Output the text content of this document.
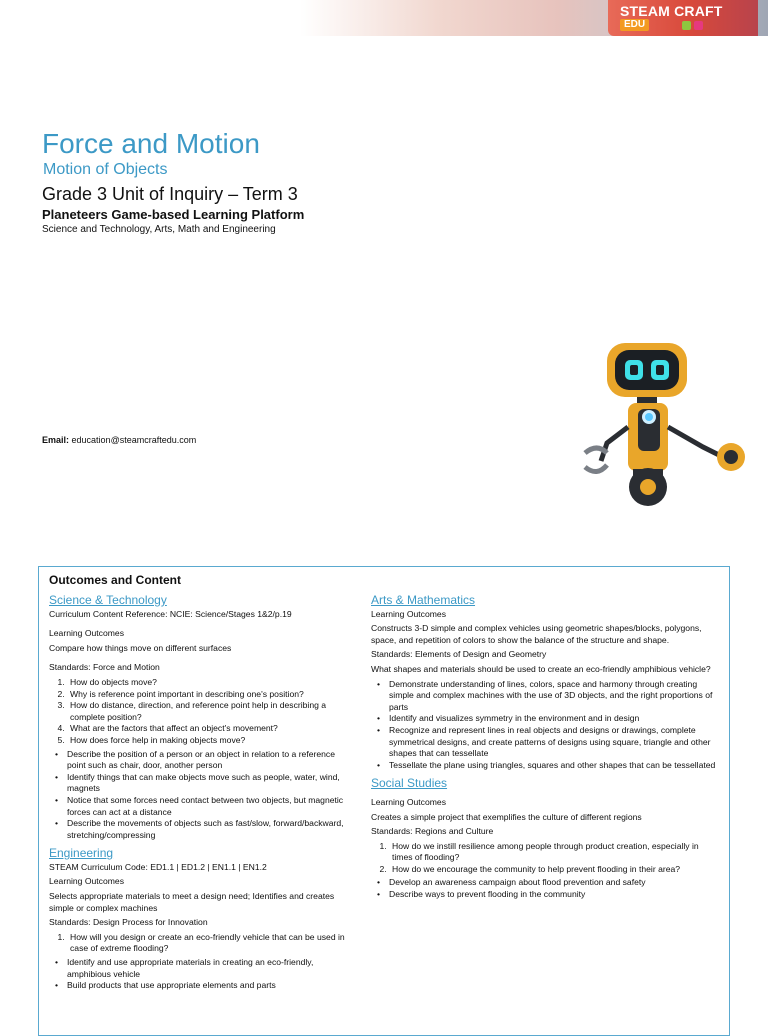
STEAM CRAFT
EDU
Force and Motion
Motion of Objects
Grade 3 Unit of Inquiry – Term 3
Planeteers Game-based Learning Platform
Science and Technology, Arts, Math and Engineering
Email: education@steamcraftedu.com
Outcomes and Content
Science & Technology
Curriculum Content Reference: NCIE: Science/Stages 1&2/p.19
Learning Outcomes
Compare how things move on different surfaces
Standards: Force and Motion
1. How do objects move?
2. Why is reference point important in describing one's position?
3. How do distance, direction, and reference point help in describing a complete position?
4. What are the factors that affect an object's movement?
5. How does force help in making objects move?
• Describe the position of a person or an object in relation to a reference point such as chair, door, another person
• Identify things that can make objects move such as people, water, wind, magnets
• Notice that some forces need contact between two objects, but magnetic forces can act at a distance
• Describe the movements of objects such as fast/slow, forward/backward, stretching/compressing
Engineering
STEAM Curriculum Code: ED1.1 | ED1.2 | EN1.1 | EN1.2
Learning Outcomes
Selects appropriate materials to meet a design need; Identifies and creates simple or complex machines
Standards: Design Process for Innovation
1. How will you design or create an eco-friendly vehicle that can be used in case of extreme flooding?
• Identify and use appropriate materials in creating an eco-friendly, amphibious vehicle
• Build products that use appropriate elements and parts
Arts & Mathematics
Learning Outcomes
Constructs 3-D simple and complex vehicles using geometric shapes/blocks, polygons, space, and repetition of colors to show the balance of the structure and shape.
Standards: Elements of Design and Geometry
What shapes and materials should be used to create an eco-friendly amphibious vehicle?
• Demonstrate understanding of lines, colors, space and harmony through creating simple and complex machines with the use of 3D objects, and the right proportions of parts
• Identify and visualizes symmetry in the environment and in design
• Recognize and represent lines in real objects and designs or drawings, complete symmetrical designs, and create patterns of designs using square, triangle and other shapes that can tessellate
• Tessellate the plane using triangles, squares and other shapes that can be tessellated
Social Studies
Learning Outcomes
Creates a simple project that exemplifies the culture of different regions
Standards: Regions and Culture
1. How do we instill resilience among people through product creation, especially in times of flooding?
2. How do we encourage the community to help prevent flooding in their area?
• Develop an awareness campaign about flood prevention and safety
• Describe ways to prevent flooding in the community
